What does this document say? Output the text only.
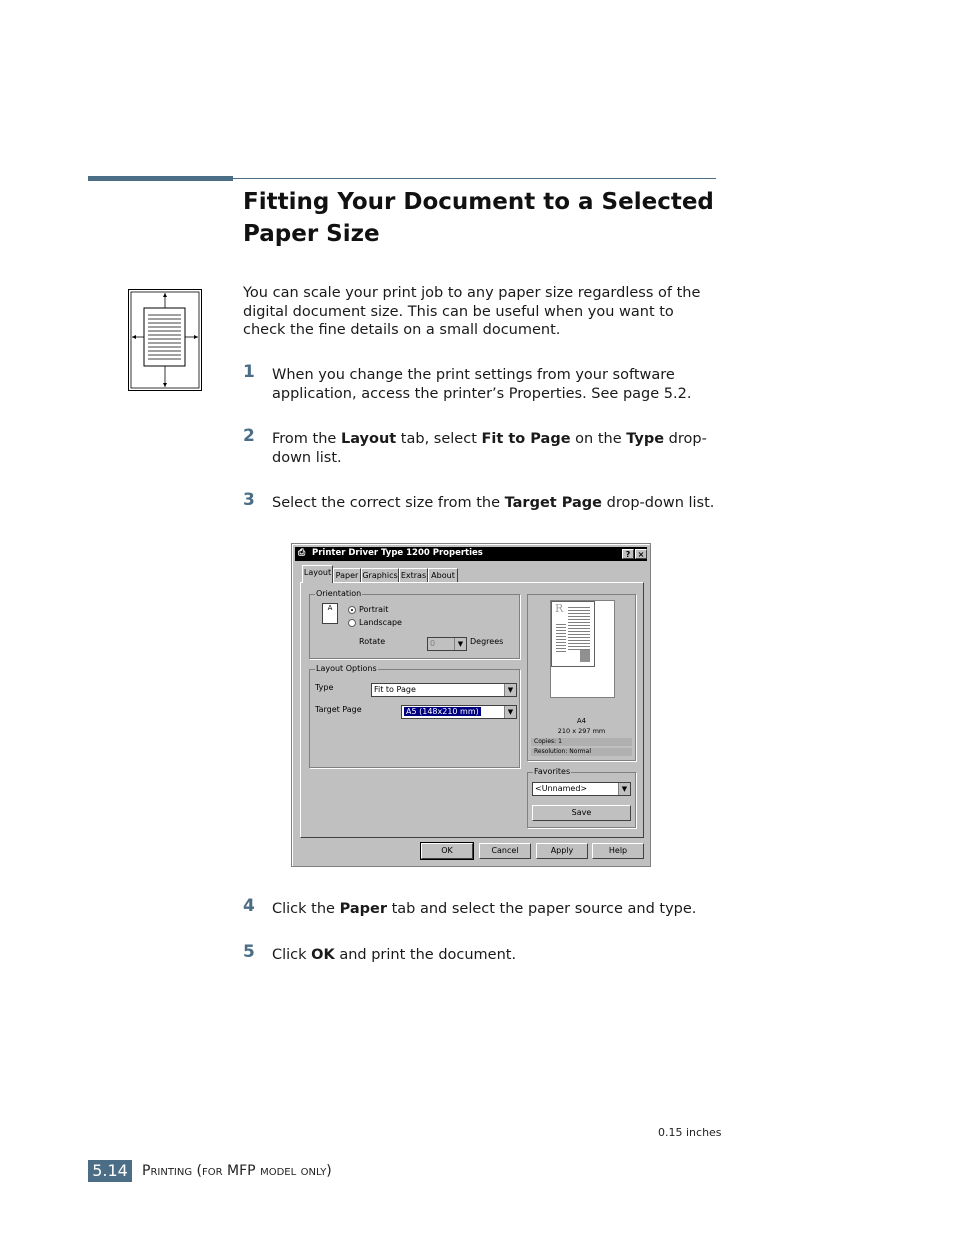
Fitting Your Document to a Selected Paper Size

You can scale your print job to any paper size regardless of the digital document size. This can be useful when you want to check the fine details on a small document.

1 When you change the print settings from your software application, access the printer’s Properties. See page 5.2.
2 From the Layout tab, select Fit to Page on the Type drop-down list.
3 Select the correct size from the Target Page drop-down list.
⎙ Printer Driver Type 1200 Properties	? ×
Layout Paper Graphics Extras About
Orientation
A	Portrait
Landscape
Rotate	0	▼ Degrees
Layout Options
Type	Fit to Page	▼
Target Page	A5 (148x210 mm)	▼
R
A4
210 x 297 mm
Copies: 1
Resolution: Normal
Favorites
<Unnamed>	▼
Save
OK	Cancel	Apply	Help
4 Click the Paper tab and select the paper source and type.
5 Click OK and print the document.
0.15 inches
5.14 Printing (for MFP model only)
